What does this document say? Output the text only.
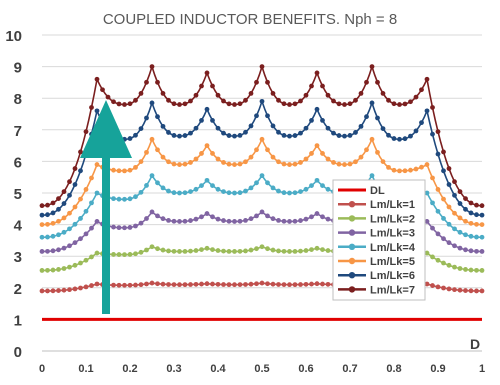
COUPLED INDUCTOR BENEFITS. Nph = 8
0
1
2
3
4
5
6
7
8
9
10
0	0.1	0.2	0.3	0.4	0.5	0.6	0.7	0.8	0.9	1
D
DL
Lm/Lk=1
Lm/Lk=2
Lm/Lk=3
Lm/Lk=4
Lm/Lk=5
Lm/Lk=6
Lm/Lk=7
